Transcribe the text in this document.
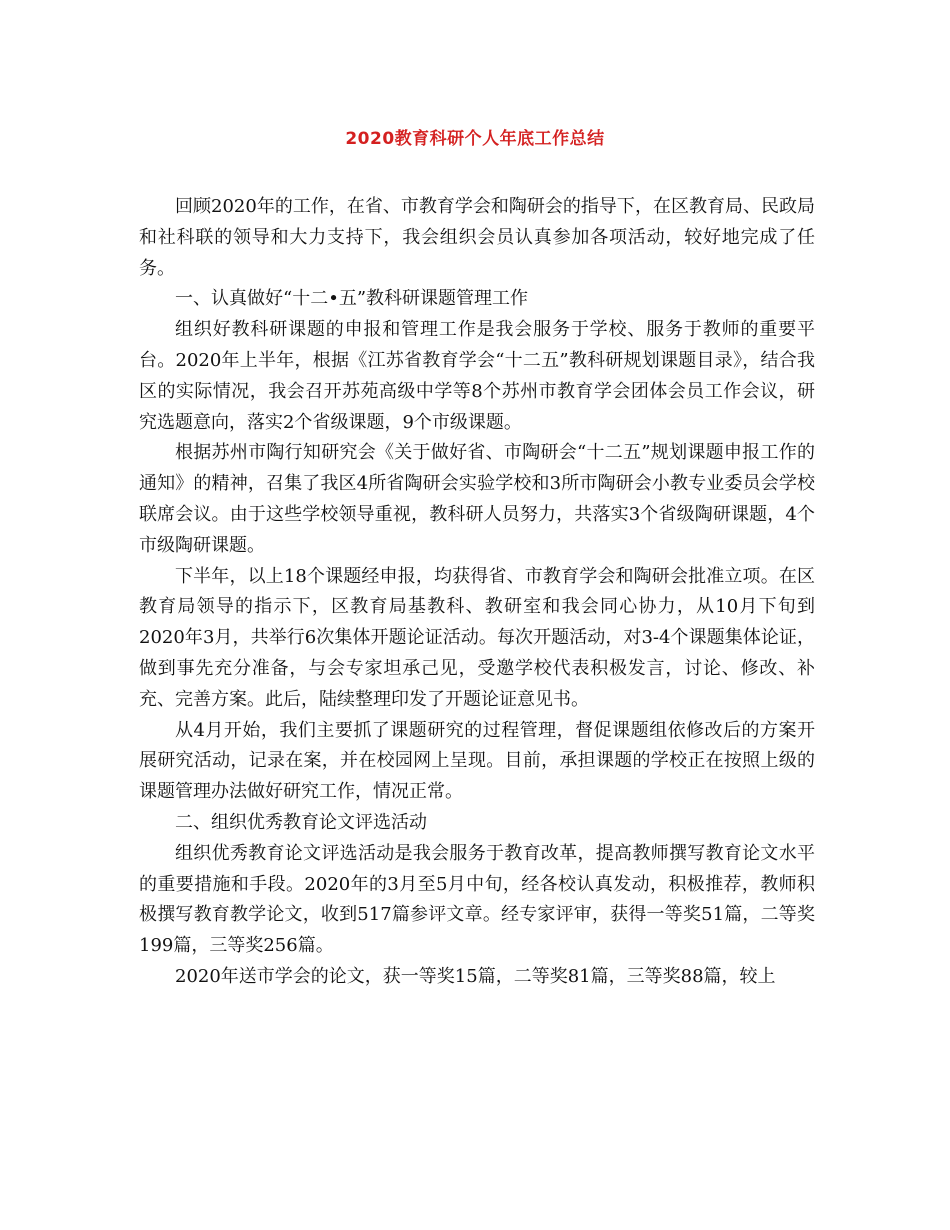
2020教育科研个人年底工作总结

回顾2020年的工作，在省、市教育学会和陶研会的指导下，在区教育局、民政局和社科联的领导和大力支持下，我会组织会员认真参加各项活动，较好地完成了任务。

一、认真做好“十二•五”教科研课题管理工作

组织好教科研课题的申报和管理工作是我会服务于学校、服务于教师的重要平台。2020年上半年，根据《江苏省教育学会“十二五”教科研规划课题目录》，结合我区的实际情况，我会召开苏苑高级中学等8个苏州市教育学会团体会员工作会议，研究选题意向，落实2个省级课题，9个市级课题。

根据苏州市陶行知研究会《关于做好省、市陶研会“十二五”规划课题申报工作的通知》的精神，召集了我区4所省陶研会实验学校和3所市陶研会小教专业委员会学校联席会议。由于这些学校领导重视，教科研人员努力，共落实3个省级陶研课题，4个市级陶研课题。

下半年，以上18个课题经申报，均获得省、市教育学会和陶研会批准立项。在区教育局领导的指示下，区教育局基教科、教研室和我会同心协力，从10月下旬到2020年3月，共举行6次集体开题论证活动。每次开题活动，对3-4个课题集体论证，做到事先充分准备，与会专家坦承己见，受邀学校代表积极发言，讨论、修改、补充、完善方案。此后，陆续整理印发了开题论证意见书。

从4月开始，我们主要抓了课题研究的过程管理，督促课题组依修改后的方案开展研究活动，记录在案，并在校园网上呈现。目前，承担课题的学校正在按照上级的课题管理办法做好研究工作，情况正常。

二、组织优秀教育论文评选活动

组织优秀教育论文评选活动是我会服务于教育改革，提高教师撰写教育论文水平的重要措施和手段。2020年的3月至5月中旬，经各校认真发动，积极推荐，教师积极撰写教育教学论文，收到517篇参评文章。经专家评审，获得一等奖51篇，二等奖199篇，三等奖256篇。

2020年送市学会的论文，获一等奖15篇，二等奖81篇，三等奖88篇，较上
